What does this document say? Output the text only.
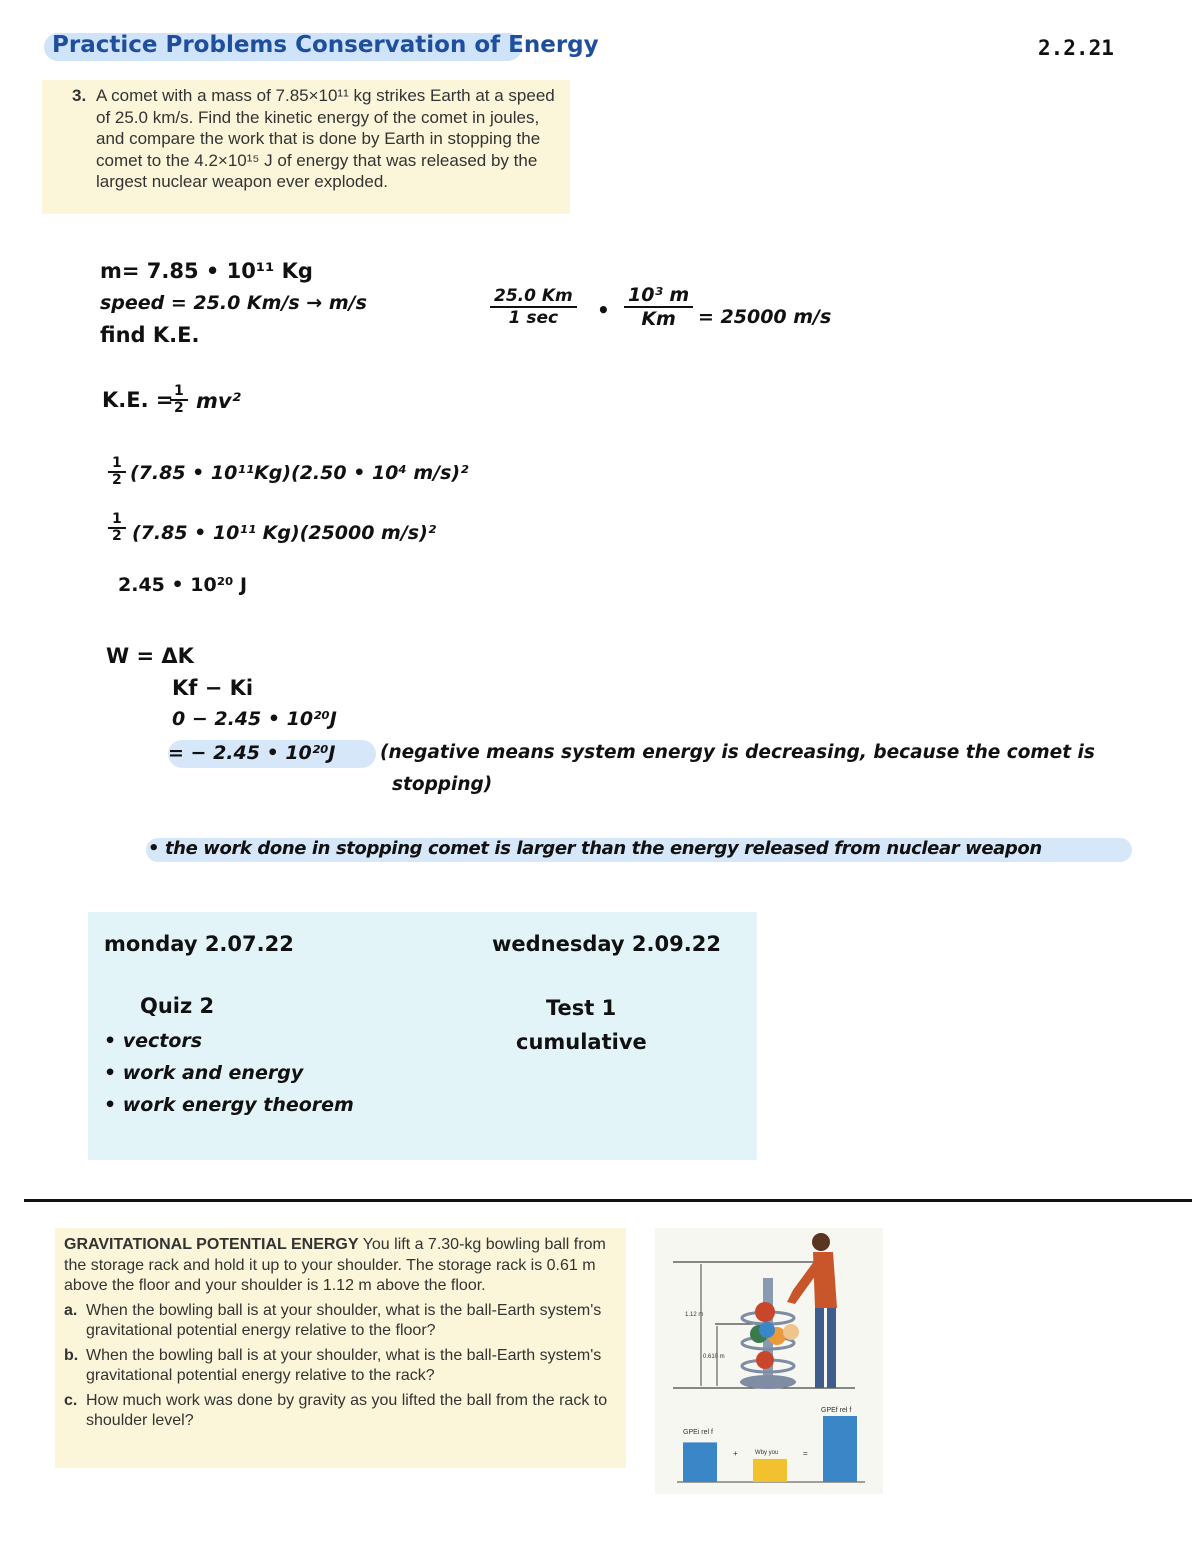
Practice Problems Conservation of Energy	2.2.21
3. A comet with a mass of 7.85×10¹¹ kg strikes Earth at a speed of 25.0 km/s. Find the kinetic energy of the comet in joules, and compare the work that is done by Earth in stopping the comet to the 4.2×10¹⁵ J of energy that was released by the largest nuclear weapon ever exploded.

m= 7.85 • 10¹¹ Kg
speed = 25.0 Km/s → m/s
find K.E.
25.0 Km
1 sec	• $\frac{\text{10³ m}}{Km} = 25000$ m/s
K.E. =
$\frac{1}{2} mv^2$
$\frac{1}{2} (7.85$ • 10¹¹Kg)(2.50 • 10⁴ m/s)²
$\frac{1}{2} (7.85$ • 10¹¹ Kg)(25000 m/s)²
2.45 • 10²⁰ J
W = ΔK
Kf − Ki
0 − 2.45 • 10²⁰J
= − 2.45 • 10²⁰J (negative means system energy is decreasing, because the comet is
stopping)
• the work done in stopping comet is larger than the energy released from nuclear weapon
monday 2.07.22
Quiz 2
• vectors
• work and energy
• work energy theorem
wednesday 2.09.22
Test 1
cumulative

GRAVITATIONAL POTENTIAL ENERGY You lift a 7.30-kg bowling ball from the storage rack and hold it up to your shoulder. The storage rack is 0.61 m above the floor and your shoulder is 1.12 m above the floor.

a. When the bowling ball is at your shoulder, what is the ball-Earth system's gravitational potential energy relative to the floor?

b. When the bowling ball is at your shoulder, what is the ball-Earth system's gravitational potential energy relative to the rack?

c. How much work was done by gravity as you lifted the ball from the rack to shoulder level?

1.12 m
0.610 m
GPEi rel f
+	Wby you	=
GPEf rel f
